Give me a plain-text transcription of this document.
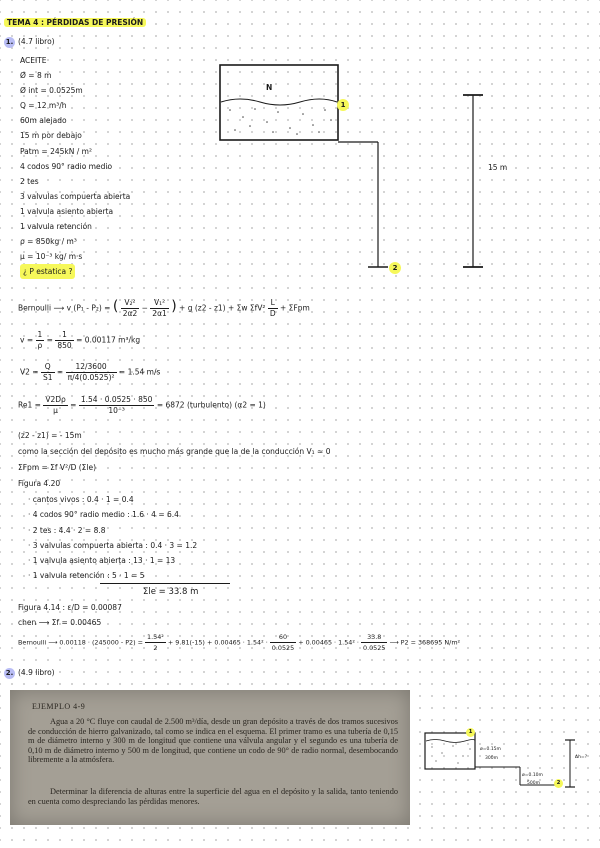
TEMA 4 : PÉRDIDAS DE PRESIÓN
1. (4.7 libro)
ACEITE
Ø = 8 m
Ø int = 0.0525m
Q = 12 m³/h
60m alejado
15 m por debajo
Patm = 245kN / m²
4 codos 90° radio medio
2 tes
3 valvulas compuerta abierta
1 valvula asiento abierta
1 valvula retención
ρ = 850kg / m³
μ = 10⁻³ kg/ m·s
¿ P estatica ?
N
1
2
15 m
Bernoulli ⟶ v (P₁ - P₂) = ( $\frac{\text{V₂²}}{2\alpha 2} - \frac{\text{V₁²}}{2\alpha 1}$ ) + g (z2 - z1) + Σw $\Sigma fV^2 \frac{L}{D} + \Sigma Fpm$
$v = \frac{1}{\rho} = \frac{1}{850} = 0.00117$ m³/kg
$V2 = \frac{Q}{S1} = \frac{12/3600}{\text{π/4(0.0525)²}} = 1.54$ m/s
$Re1 = \frac{V2D\rho}{\mu} = \frac{1.54 \cdot 0.0525 \cdot 850}{\text{10⁻³}} = 6872$ (turbulento) (α2 = 1)
(z2 - z1) = - 15m
como la sección del depósito es mucho más grande que la de la conducción V₁ ≈ 0
ΣFpm = Σf V²/D (Σle)
Figura 4.20
· cantos vivos : 0.4 · 1 = 0.4
· 4 codos 90° radio medio : 1.6 · 4 = 6.4
· 2 tes : 4.4 · 2 = 8.8
· 3 valvulas compuerta abierta : 0.4 · 3 = 1.2
· 1 valvula asiento abierta : 13 · 1 = 13
· 1 valvula retención : 5 · 1 = 5
Σle = 33.8 m
Figura 4.14 : ε/D = 0.00087
chen ⟶ Σf = 0.00465
Bernoulli ⟶ $0.00118 \cdot (245000 - P2) = \frac{\text{1.54²}}{2} + 9.81(-15) + 0.00465 \cdot 1.54^2 \cdot \frac{60}{0.0525} + 0.00465 \cdot 1.54^2 \cdot \frac{33.8}{0.0525}$ ⟶ P2 = 368695 N/m²
2. (4.9 libro)
EJEMPLO 4-9
Agua a 20 °C fluye con caudal de 2.500 m³/día, desde un gran depósito a través de dos tramos sucesivos de conducción de hierro galvanizado, tal como se indica en el esquema. El primer tramo es una tubería de 0,15 m de diámetro interno y 300 m de longitud que contiene una válvula angular y el segundo es una tubería de 0,10 m de diámetro interno y 500 m de longitud, que contiene un codo de 90° de radio normal, desembocando libremente a la atmósfera.
Determinar la diferencia de alturas entre la superficie del agua en el depósito y la salida, tanto teniendo en cuenta como despreciando las pérdidas menores.
1
2
ø=0.15m
300m
ø=0.10m
500m
Δh=?
